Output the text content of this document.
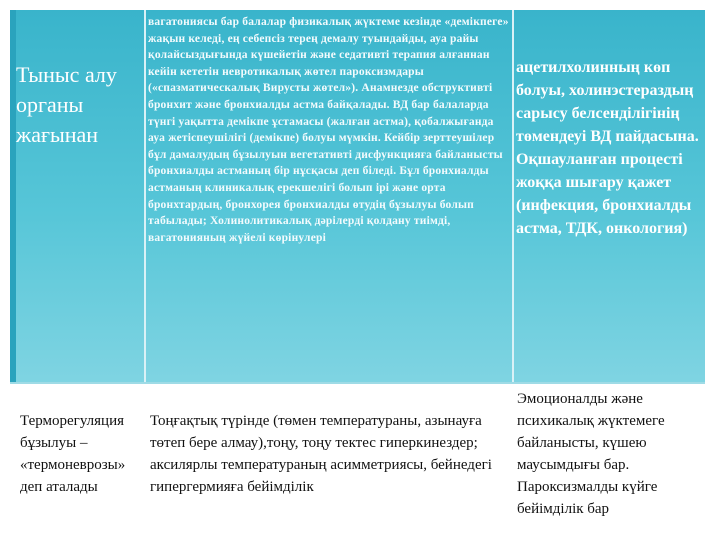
Тыныс алу органы жағынан
вагатониясы бар балалар физикалық жүктеме кезінде «демікпеге» жақын келеді, ең себепсіз терең демалу туындайды, ауа райы қолайсыздығында күшейетін және седативті терапия алғаннан кейін кететін невротикалық жөтел пароксизмдары («спазматическалық Вирусты жөтел»). Анамнезде обструктивті бронхит және бронхиалды астма байқалады. ВД бар балаларда түнгі уақытта демікпе ұстамасы (жалған астма), қобалжығанда ауа жетіспеушілігі (демікпе) болуы мүмкін. Кейбір зерттеушілер бұл дамалудың бұзылуын вегетативті дисфункцияға байланысты бронхиалды астманың бір нұсқасы деп біледі. Бұл бронхиалды астманың клиникалық ерекшелігі болып ірі және орта бронхтардың, бронхорея бронхиалды өтудің бұзылуы болып табылады; Холинолитикалық дәрілерді қолдану тиімді, вагатонияның жүйелі көрінулері
ацетилхолинның көп болуы, холинэстераздың сарысу белсенділігінің төмендеуі ВД пайдасына. Оқшауланған процесті жоққа шығару қажет (инфекция, бронхиалды астма, ТДК, онкология)
Терморегуляция бұзылуы – «термоневрозы» деп аталады
Тоңғақтық түрінде (төмен температураны, азынауға төтеп бере алмау),тоңу, тоңу тектес гиперкинездер; аксилярлы температураның асимметриясы, бейнедегі гипергермияға бейімділік
Эмоционалды және психикалық жүктемеге байланысты, күшею маусымдығы бар. Пароксизмалды күйге бейімділік бар
